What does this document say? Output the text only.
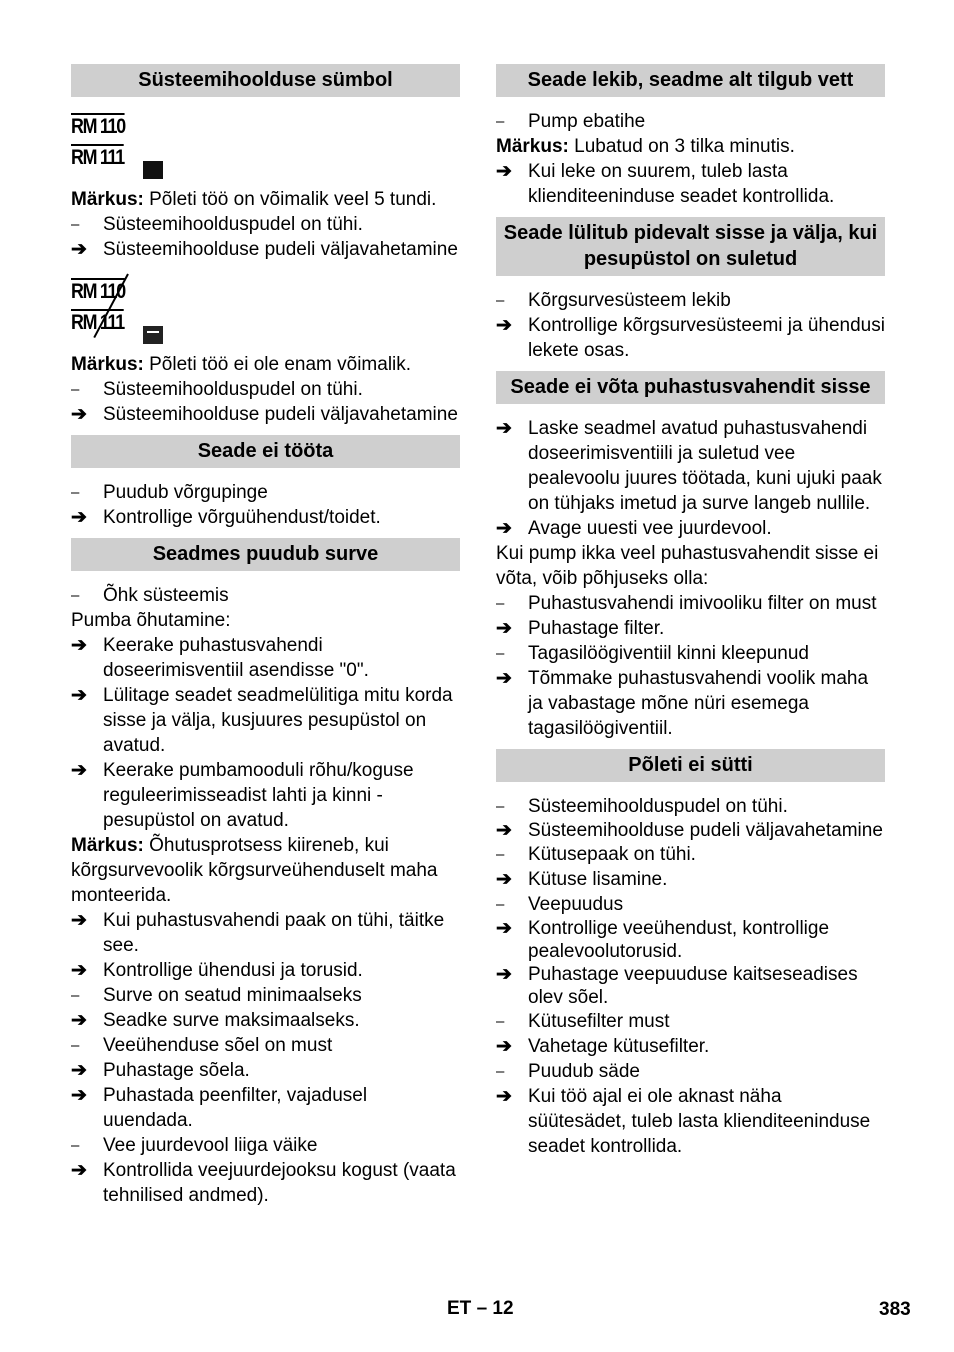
Süsteemihoolduse sümbol
RM 110
RM 111
Märkus: Põleti töö on võimalik veel 5 tundi.
–	Süsteemihoolduspudel on tühi.
➔ Süsteemihoolduse pudeli väljavahetamine
RM 110
RM 111
Märkus: Põleti töö ei ole enam võimalik.
–	Süsteemihoolduspudel on tühi.
➔ Süsteemihoolduse pudeli väljavahetamine
Seade ei tööta
–	Puudub võrgupinge
➔ Kontrollige võrguühendust/toidet.
Seadmes puudub surve
–	Õhk süsteemis
Pumba õhutamine:
➔ Keerake puhastusvahendi doseerimisventiil asendisse "0".
➔ Lülitage seadet seadmelülitiga mitu korda sisse ja välja, kusjuures pesupüstol on avatud.
➔ Keerake pumbamooduli rõhu/koguse reguleerimisseadist lahti ja kinni - pesupüstol on avatud.
Märkus: Õhutusprotsess kiireneb, kui kõrgsurvevoolik kõrgsurveühenduselt maha monteerida.
➔ Kui puhastusvahendi paak on tühi, täitke see.
➔ Kontrollige ühendusi ja torusid.
–	Surve on seatud minimaalseks
➔ Seadke surve maksimaalseks.
–	Veeühenduse sõel on must
➔ Puhastage sõela.
➔ Puhastada peenfilter, vajadusel uuendada.
–	Vee juurdevool liiga väike
➔ Kontrollida veejuurdejooksu kogust (vaata tehnilised andmed).
Seade lekib, seadme alt tilgub vett
–	Pump ebatihe
Märkus: Lubatud on 3 tilka minutis.
➔ Kui leke on suurem, tuleb lasta klienditeeninduse seadet kontrollida.
Seade lülitub pidevalt sisse ja välja, kui pesupüstol on suletud
–	Kõrgsurvesüsteem lekib
➔ Kontrollige kõrgsurvesüsteemi ja ühendusi lekete osas.
Seade ei võta puhastusvahendit sisse
➔ Laske seadmel avatud puhastusvahendi doseerimisventiili ja suletud vee pealevoolu juures töötada, kuni ujuki paak on tühjaks imetud ja surve langeb nullile.
➔ Avage uuesti vee juurdevool.
Kui pump ikka veel puhastusvahendit sisse ei võta, võib põhjuseks olla:
–	Puhastusvahendi imivooliku filter on must
➔ Puhastage filter.
–	Tagasilöögiventiil kinni kleepunud
➔ Tõmmake puhastusvahendi voolik maha ja vabastage mõne nüri esemega tagasilöögiventiil.
Põleti ei sütti
–	Süsteemihoolduspudel on tühi.
➔ Süsteemihoolduse pudeli väljavahetamine
–	Kütusepaak on tühi.
➔ Kütuse lisamine.
–	Veepuudus
➔ Kontrollige veeühendust, kontrollige pealevoolutorusid.
➔ Puhastage veepuuduse kaitseseadises olev sõel.
–	Kütusefilter must
➔ Vahetage kütusefilter.
–	Puudub säde
➔ Kui töö ajal ei ole aknast näha süütesädet, tuleb lasta klienditeeninduse seadet kontrollida.
ET – 12	383
